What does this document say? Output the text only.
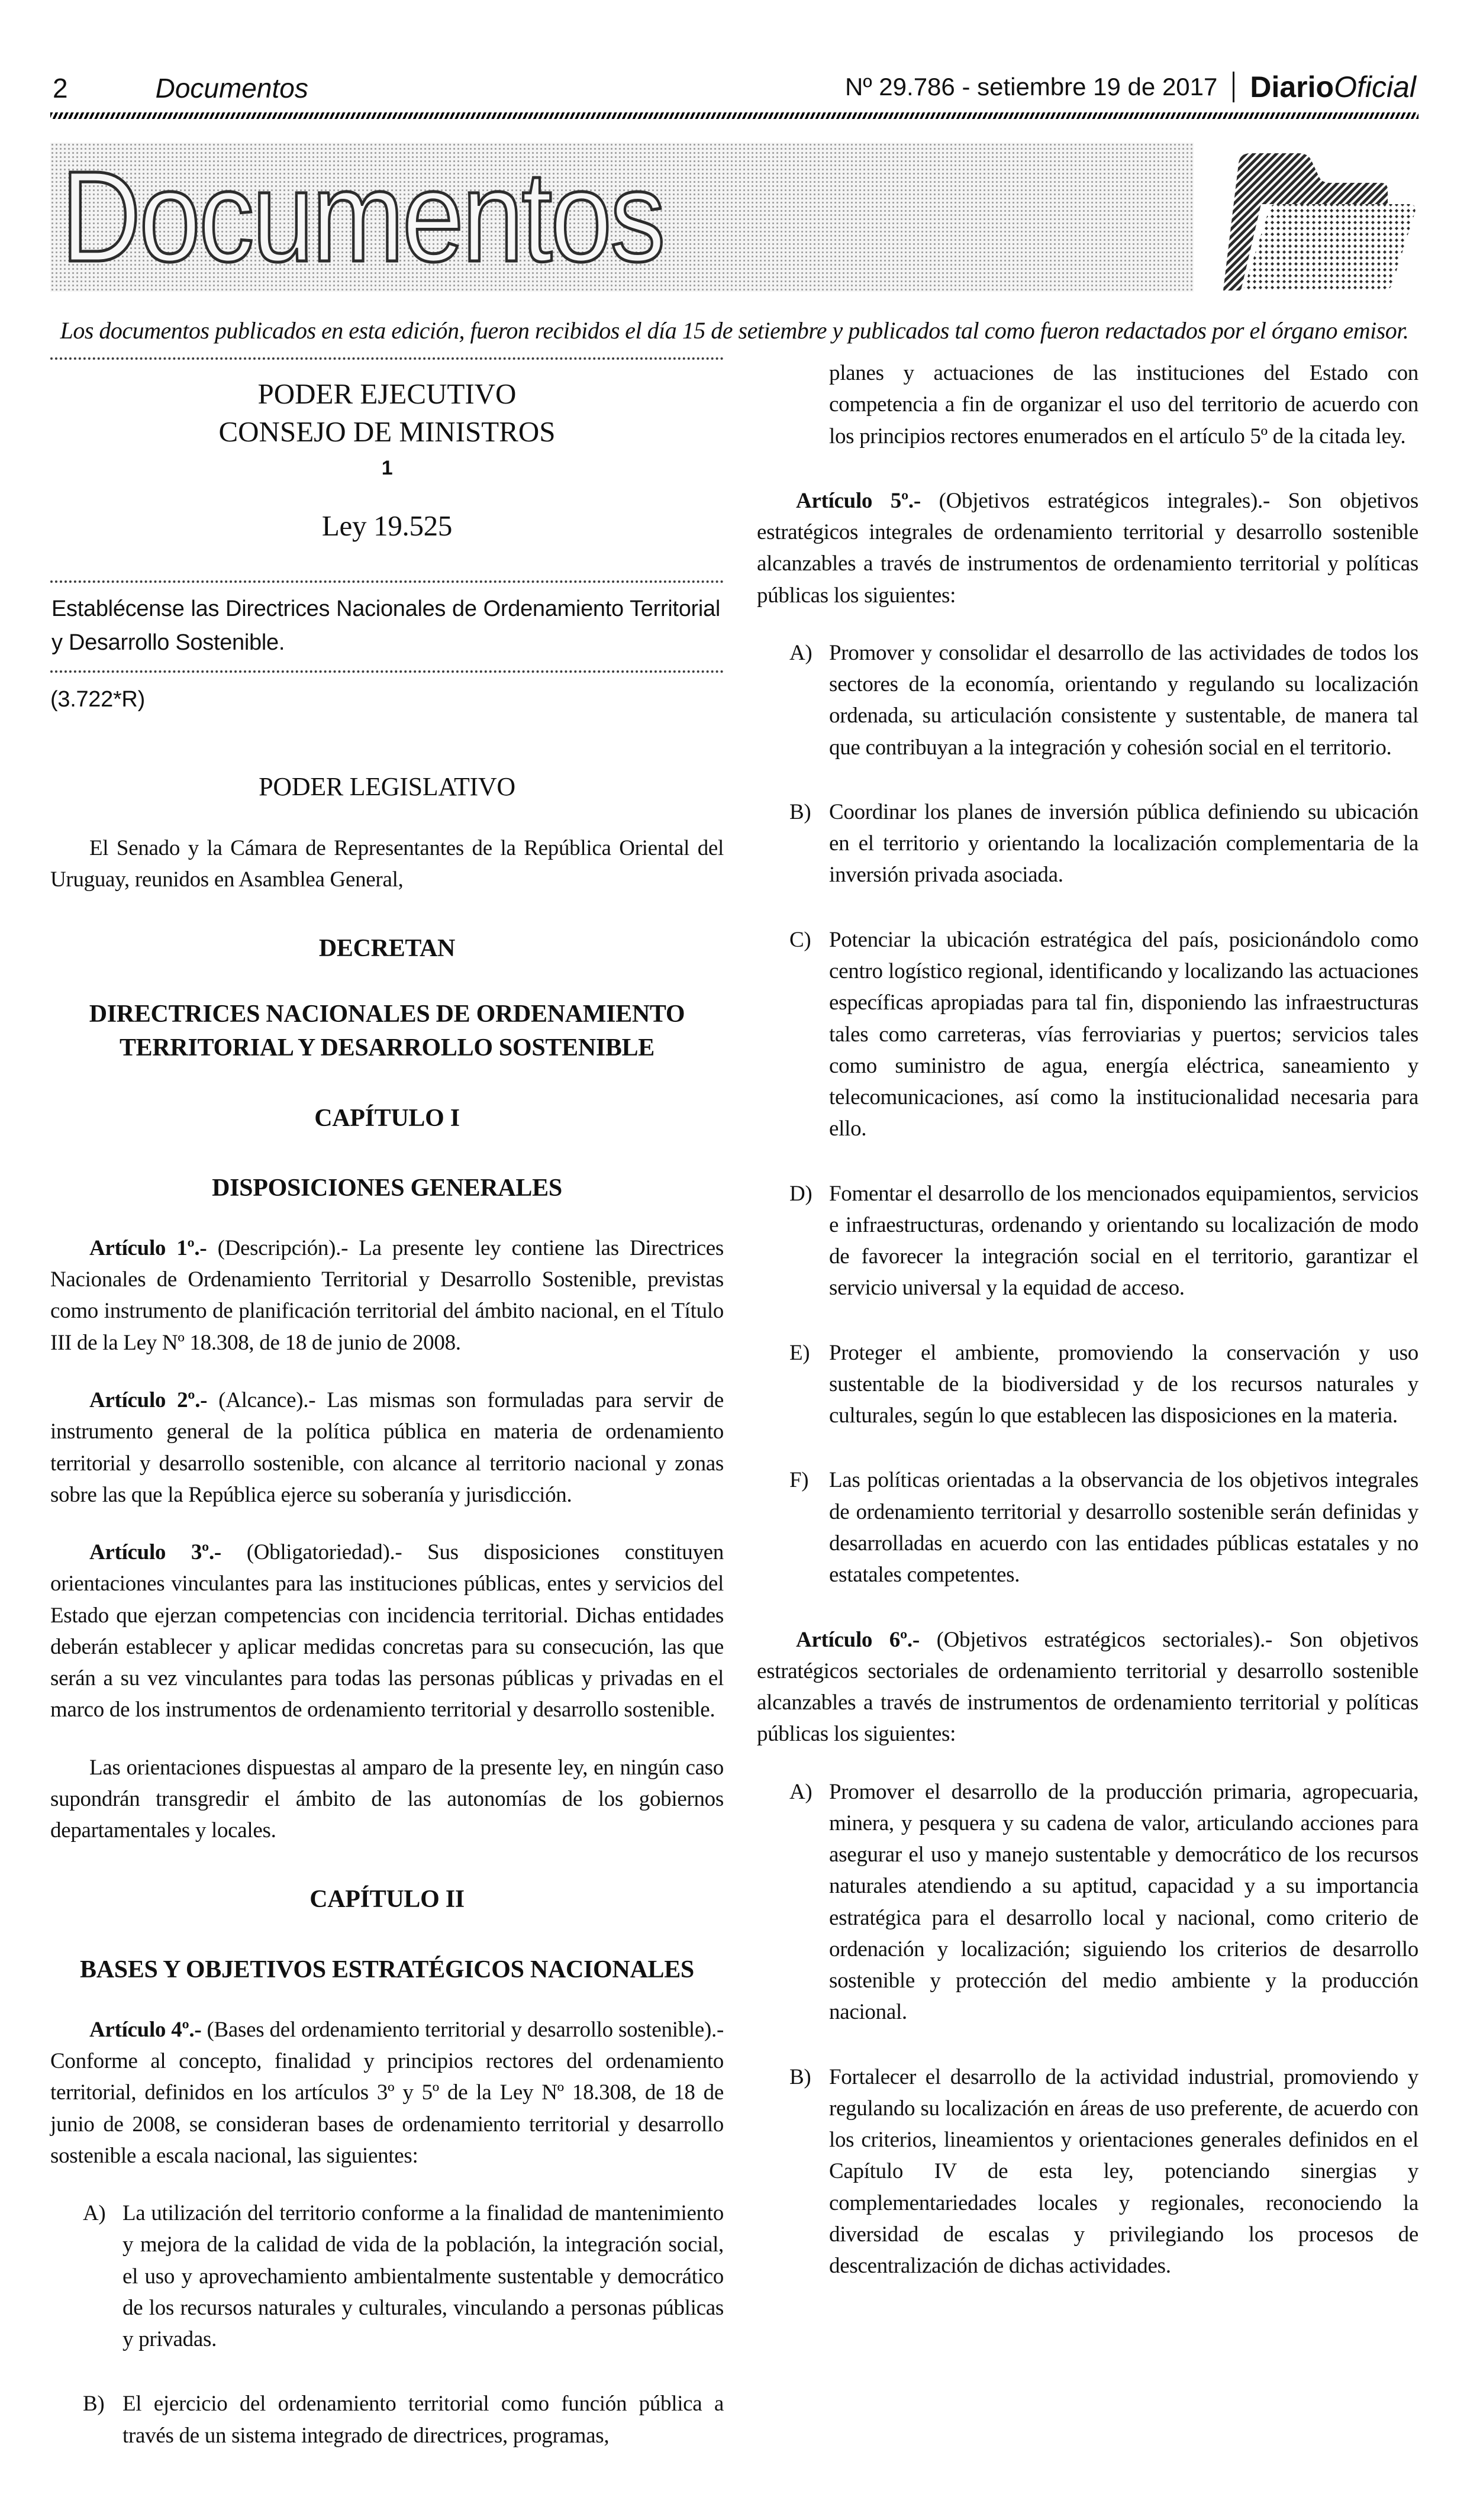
2	Documentos	Nº 29.786 - setiembre 19 de 2017 DiarioOficial
Documentos
Los documentos publicados en esta edición, fueron recibidos el día 15 de setiembre y publicados tal como fueron redactados por el órgano emisor.
PODER EJECUTIVO
CONSEJO DE MINISTROS
1
Ley 19.525

Establécense las Directrices Nacionales de Ordenamiento Territorial y Desarrollo Sostenible.

(3.722*R)

PODER LEGISLATIVO

El Senado y la Cámara de Representantes de la República Oriental del Uruguay, reunidos en Asamblea General,

DECRETAN
DIRECTRICES NACIONALES DE ORDENAMIENTO TERRITORIAL Y DESARROLLO SOSTENIBLE
CAPÍTULO I
DISPOSICIONES GENERALES

Artículo 1º.- (Descripción).- La presente ley contiene las Directrices Nacionales de Ordenamiento Territorial y Desarrollo Sostenible, previstas como instrumento de planificación territorial del ámbito nacional, en el Título III de la Ley Nº 18.308, de 18 de junio de 2008.

Artículo 2º.- (Alcance).- Las mismas son formuladas para servir de instrumento general de la política pública en materia de ordenamiento territorial y desarrollo sostenible, con alcance al territorio nacional y zonas sobre las que la República ejerce su soberanía y jurisdicción.

Artículo 3º.- (Obligatoriedad).- Sus disposiciones constituyen orientaciones vinculantes para las instituciones públicas, entes y servicios del Estado que ejerzan competencias con incidencia territorial. Dichas entidades deberán establecer y aplicar medidas concretas para su consecución, las que serán a su vez vinculantes para todas las personas públicas y privadas en el marco de los instrumentos de ordenamiento territorial y desarrollo sostenible.

Las orientaciones dispuestas al amparo de la presente ley, en ningún caso supondrán transgredir el ámbito de las autonomías de los gobiernos departamentales y locales.

CAPÍTULO II
BASES Y OBJETIVOS ESTRATÉGICOS NACIONALES

Artículo 4º.- (Bases del ordenamiento territorial y desarrollo sostenible).- Conforme al concepto, finalidad y principios rectores del ordenamiento territorial, definidos en los artículos 3º y 5º de la Ley Nº 18.308, de 18 de junio de 2008, se consideran bases de ordenamiento territorial y desarrollo sostenible a escala nacional, las siguientes:

A) La utilización del territorio conforme a la finalidad de mantenimiento y mejora de la calidad de vida de la población, la integración social, el uso y aprovechamiento ambientalmente sustentable y democrático de los recursos naturales y culturales, vinculando a personas públicas y privadas.
B) El ejercicio del ordenamiento territorial como función pública a través de un sistema integrado de directrices, programas,

planes y actuaciones de las instituciones del Estado con competencia a fin de organizar el uso del territorio de acuerdo con los principios rectores enumerados en el artículo 5º de la citada ley.

Artículo 5º.- (Objetivos estratégicos integrales).- Son objetivos estratégicos integrales de ordenamiento territorial y desarrollo sostenible alcanzables a través de instrumentos de ordenamiento territorial y políticas públicas los siguientes:

A) Promover y consolidar el desarrollo de las actividades de todos los sectores de la economía, orientando y regulando su localización ordenada, su articulación consistente y sustentable, de manera tal que contribuyan a la integración y cohesión social en el territorio.
B) Coordinar los planes de inversión pública definiendo su ubicación en el territorio y orientando la localización complementaria de la inversión privada asociada.
C) Potenciar la ubicación estratégica del país, posicionándolo como centro logístico regional, identificando y localizando las actuaciones específicas apropiadas para tal fin, disponiendo las infraestructuras tales como carreteras, vías ferroviarias y puertos; servicios tales como suministro de agua, energía eléctrica, saneamiento y telecomunicaciones, así como la institucionalidad necesaria para ello.
D) Fomentar el desarrollo de los mencionados equipamientos, servicios e infraestructuras, ordenando y orientando su localización de modo de favorecer la integración social en el territorio, garantizar el servicio universal y la equidad de acceso.
E) Proteger el ambiente, promoviendo la conservación y uso sustentable de la biodiversidad y de los recursos naturales y culturales, según lo que establecen las disposiciones en la materia.
F) Las políticas orientadas a la observancia de los objetivos integrales de ordenamiento territorial y desarrollo sostenible serán definidas y desarrolladas en acuerdo con las entidades públicas estatales y no estatales competentes.

Artículo 6º.- (Objetivos estratégicos sectoriales).- Son objetivos estratégicos sectoriales de ordenamiento territorial y desarrollo sostenible alcanzables a través de instrumentos de ordenamiento territorial y políticas públicas los siguientes:

A) Promover el desarrollo de la producción primaria, agropecuaria, minera, y pesquera y su cadena de valor, articulando acciones para asegurar el uso y manejo sustentable y democrático de los recursos naturales atendiendo a su aptitud, capacidad y a su importancia estratégica para el desarrollo local y nacional, como criterio de ordenación y localización; siguiendo los criterios de desarrollo sostenible y protección del medio ambiente y la producción nacional.
B) Fortalecer el desarrollo de la actividad industrial, promoviendo y regulando su localización en áreas de uso preferente, de acuerdo con los criterios, lineamientos y orientaciones generales definidos en el Capítulo IV de esta ley, potenciando sinergias y complementariedades locales y regionales, reconociendo la diversidad de escalas y privilegiando los procesos de descentralización de dichas actividades.
